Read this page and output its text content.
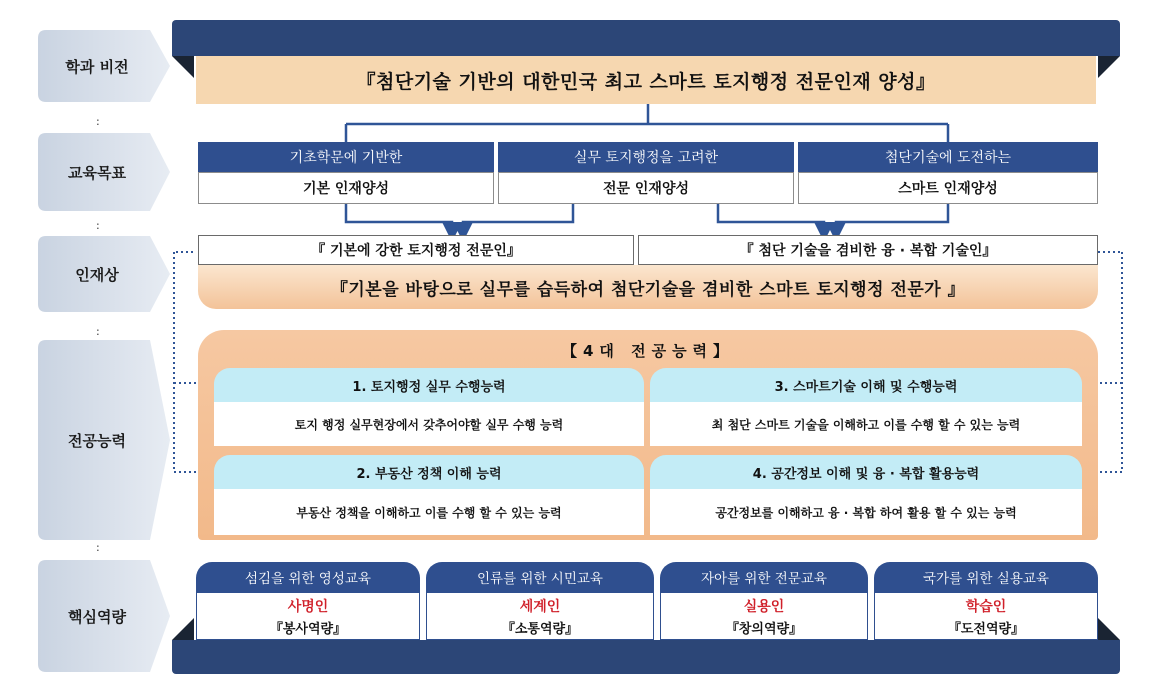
학과 비전
:
교육목표
:
인재상
:
전공능력
:
핵심역량
『첨단기술 기반의 대한민국 최고 스마트 토지행정 전문인재 양성』
기초학문에 기반한
기본 인재양성
실무 토지행정을 고려한
전문 인재양성
첨단기술에 도전하는
스마트 인재양성
『 기본에 강한 토지행정 전문인』	『 첨단 기술을 겸비한 융 · 복합 기술인』
『기본을 바탕으로 실무를 습득하여 첨단기술을 겸비한 스마트 토지행정 전문가 』
【4대 전공능력】
1. 토지행정 실무 수행능력
토지 행정 실무현장에서 갖추어야할 실무 수행 능력
3. 스마트기술 이해 및 수행능력
최 첨단 스마트 기술을 이해하고 이를 수행 할 수 있는 능력
2. 부동산 정책 이해 능력
부동산 정책을 이해하고 이를 수행 할 수 있는 능력
4. 공간정보 이해 및 융 · 복합 활용능력
공간정보를 이해하고 융 · 복합 하여 활용 할 수 있는 능력
섬김을 위한 영성교육
사명인
『봉사역량』
인류를 위한 시민교육
세계인
『소통역량』
자아를 위한 전문교육
실용인
『창의역량』
국가를 위한 실용교육
학습인
『도전역량』
